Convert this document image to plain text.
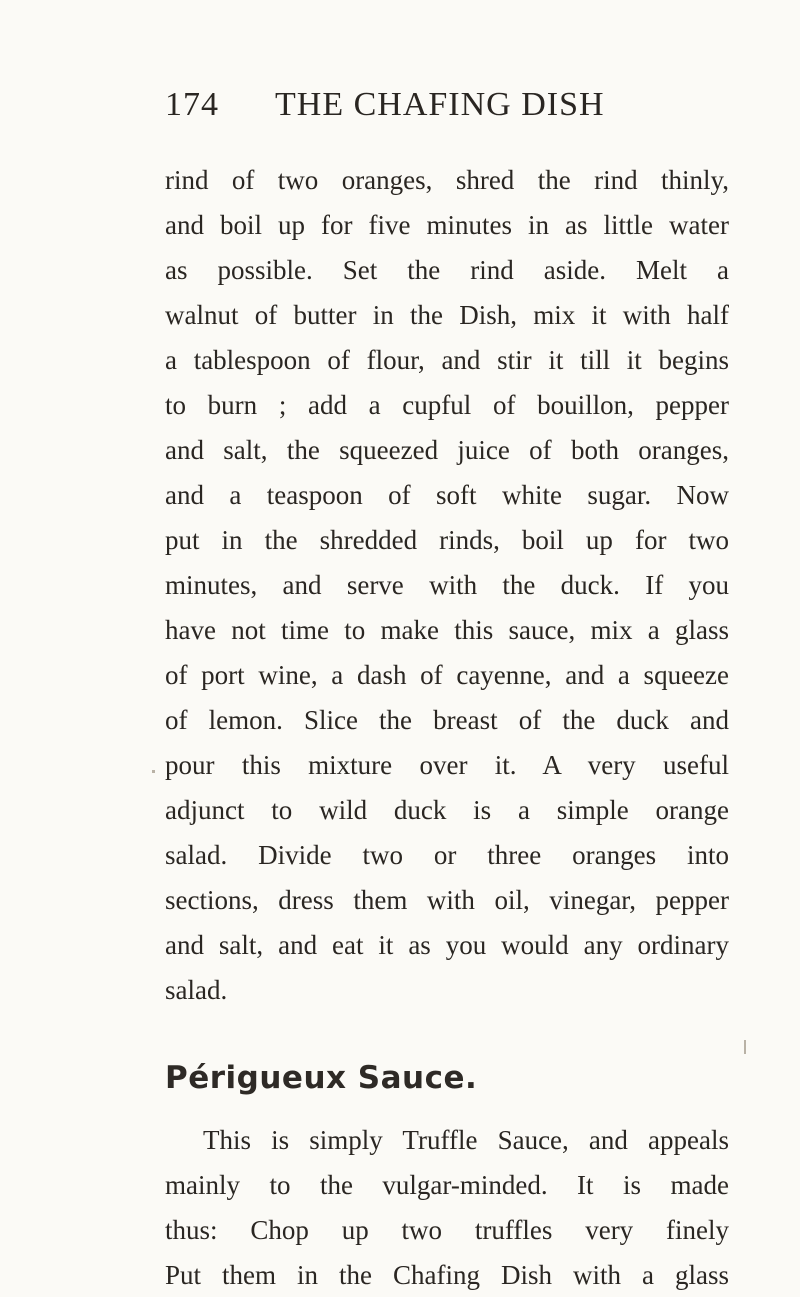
174 THE CHAFING DISH
rind of two oranges, shred the rind thinly,
and boil up for five minutes in as little water
as possible. Set the rind aside. Melt a
walnut of butter in the Dish, mix it with half
a tablespoon of flour, and stir it till it begins
to burn ; add a cupful of bouillon, pepper
and salt, the squeezed juice of both oranges,
and a teaspoon of soft white sugar. Now
put in the shredded rinds, boil up for two
minutes, and serve with the duck. If you
have not time to make this sauce, mix a glass
of port wine, a dash of cayenne, and a squeeze
of lemon. Slice the breast of the duck and
pour this mixture over it. A very useful
adjunct to wild duck is a simple orange
salad. Divide two or three oranges into
sections, dress them with oil, vinegar, pepper
and salt, and eat it as you would any ordinary
salad.
Périgueux Sauce.
This is simply Truffle Sauce, and appeals
mainly to the vulgar-minded. It is made
thus: Chop up two truffles very finely
Put them in the Chafing Dish with a glass
